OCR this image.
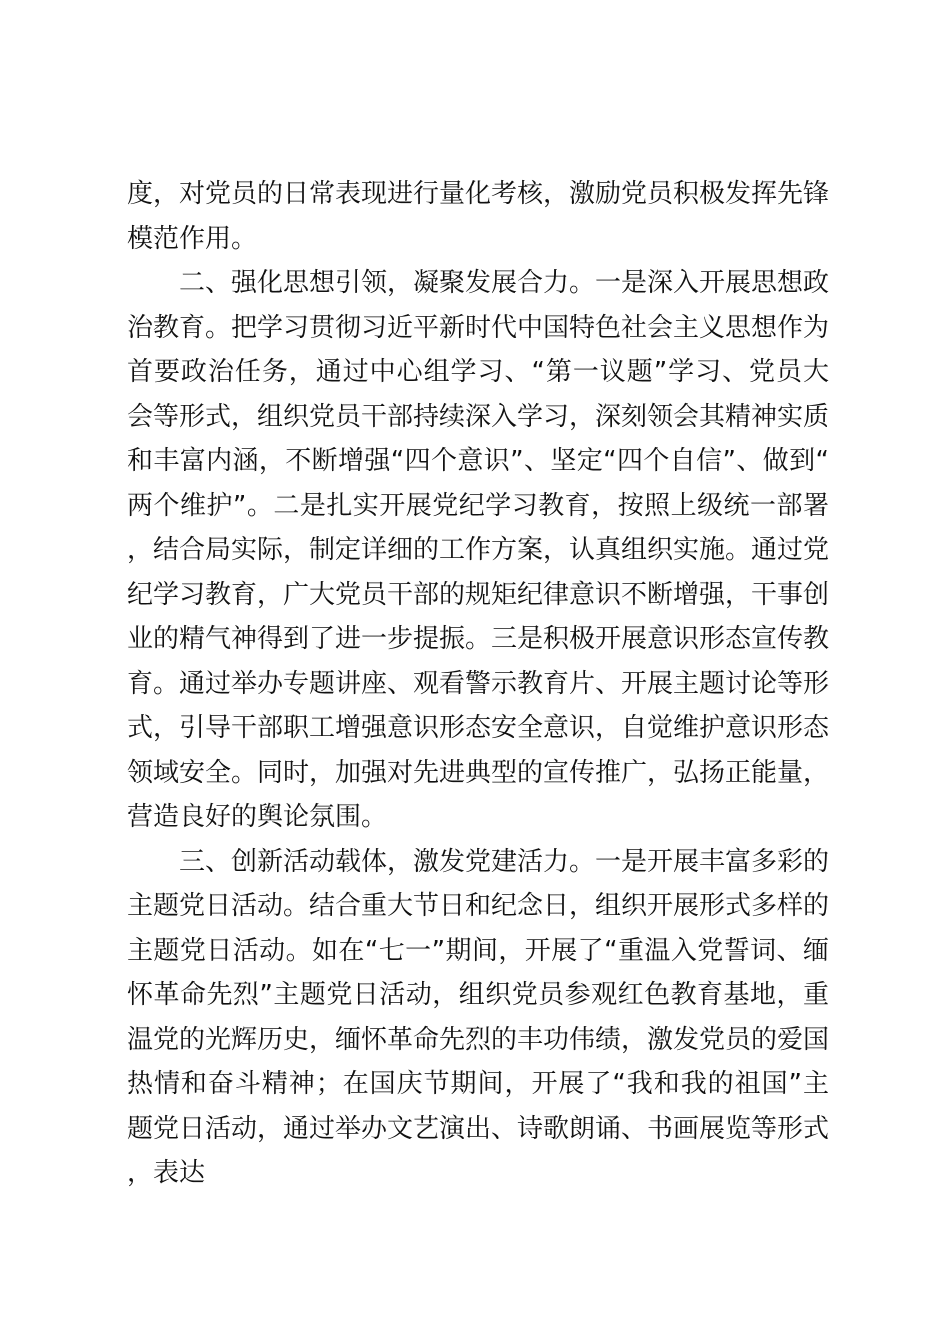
度，对党员的日常表现进行量化考核，激励党员积极发挥先锋模范作用。

二、强化思想引领，凝聚发展合力。一是深入开展思想政治教育。把学习贯彻习近平新时代中国特色社会主义思想作为首要政治任务，通过中心组学习、“第一议题”学习、党员大会等形式，组织党员干部持续深入学习，深刻领会其精神实质和丰富内涵，不断增强“四个意识”、坚定“四个自信”、做到“两个维护”。二是扎实开展党纪学习教育，按照上级统一部署，结合局实际，制定详细的工作方案，认真组织实施。通过党纪学习教育，广大党员干部的规矩纪律意识不断增强，干事创业的精气神得到了进一步提振。三是积极开展意识形态宣传教育。通过举办专题讲座、观看警示教育片、开展主题讨论等形式，引导干部职工增强意识形态安全意识，自觉维护意识形态领域安全。同时，加强对先进典型的宣传推广，弘扬正能量，营造良好的舆论氛围。

三、创新活动载体，激发党建活力。一是开展丰富多彩的主题党日活动。结合重大节日和纪念日，组织开展形式多样的主题党日活动。如在“七一”期间，开展了“重温入党誓词、缅怀革命先烈”主题党日活动，组织党员参观红色教育基地，重温党的光辉历史，缅怀革命先烈的丰功伟绩，激发党员的爱国热情和奋斗精神；在国庆节期间，开展了“我和我的祖国”主题党日活动，通过举办文艺演出、诗歌朗诵、书画展览等形式，表达
